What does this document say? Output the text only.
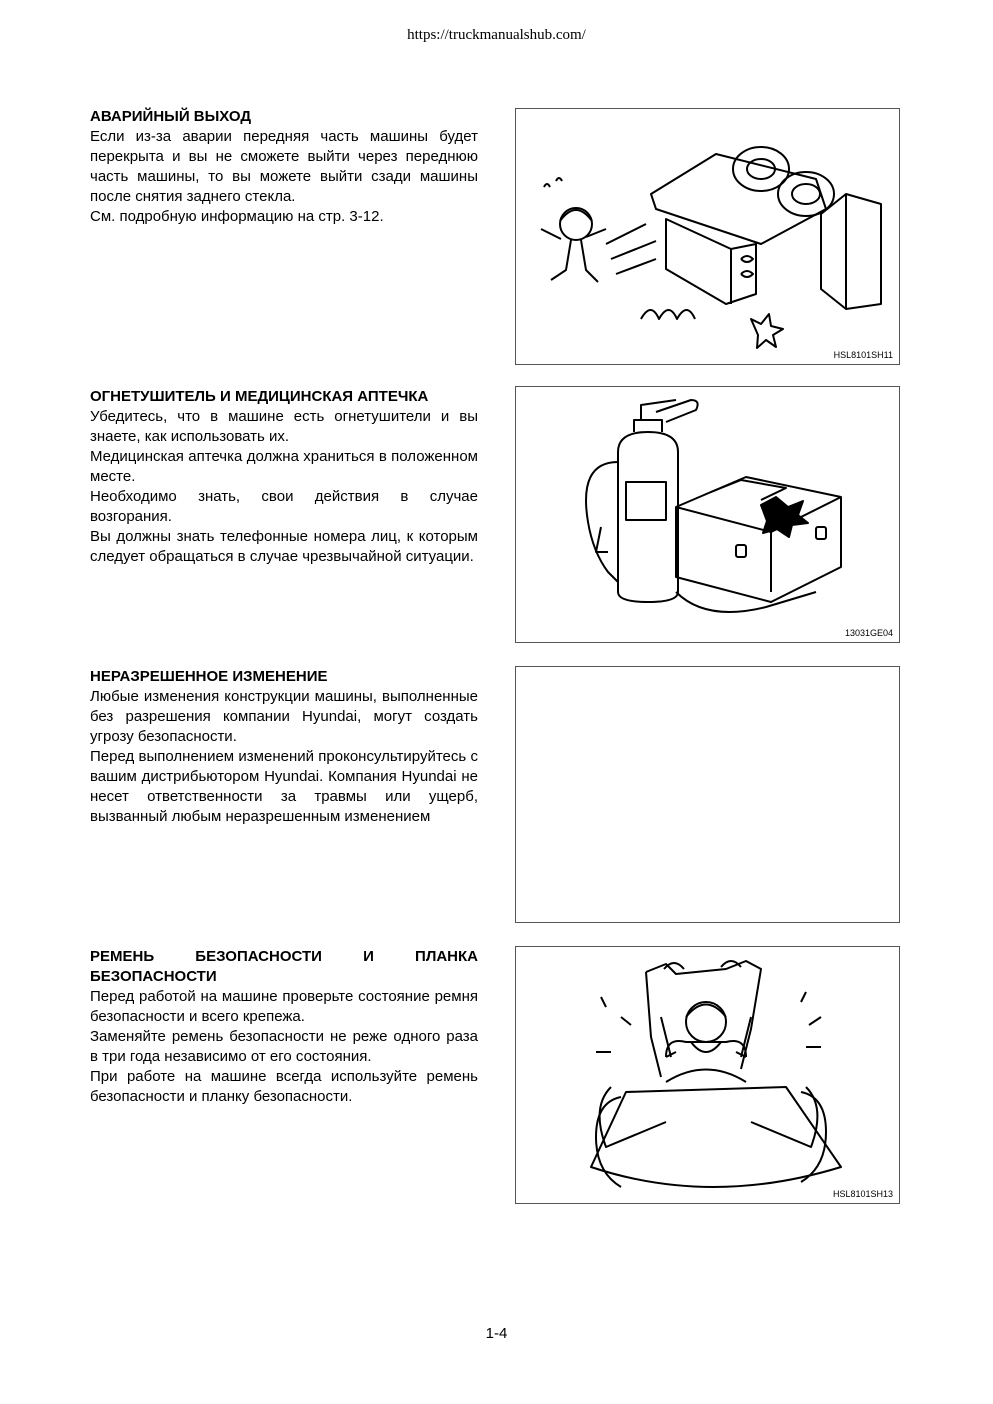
https://truckmanualshub.com/
АВАРИЙНЫЙ ВЫХОД

Если из-за аварии передняя часть машины будет перекрыта и вы не сможете выйти через переднюю часть машины, то вы можете выйти сзади машины после снятия заднего стекла.

См. подробную информацию на стр. 3-12.

HSL8101SH11
ОГНЕТУШИТЕЛЬ И МЕДИЦИНСКАЯ АПТЕЧКА

Убедитесь, что в машине есть огнетушители и вы знаете, как использовать их.

Медицинская аптечка должна храниться в положенном месте.

Необходимо знать, свои действия в случае возгорания.

Вы должны знать телефонные номера лиц, к которым следует обращаться в случае чрезвычайной ситуации.

13031GE04
НЕРАЗРЕШЕННОЕ ИЗМЕНЕНИЕ

Любые изменения конструкции машины, выполненные без разрешения компании Hyundai, могут создать угрозу безопасности.

Перед выполнением изменений проконсультируйтесь с вашим дистрибьютором Hyundai. Компания Hyundai не несет ответственности за травмы или ущерб, вызванный любым неразрешенным изменением

РЕМЕНЬ БЕЗОПАСНОСТИ И ПЛАНКА БЕЗОПАСНОСТИ

Перед работой на машине проверьте состояние ремня безопасности и всего крепежа.

Заменяйте ремень безопасности не реже одного раза в три года независимо от его состояния.

При работе на машине всегда используйте ремень безопасности и планку безопасности.

HSL8101SH13
1-4
